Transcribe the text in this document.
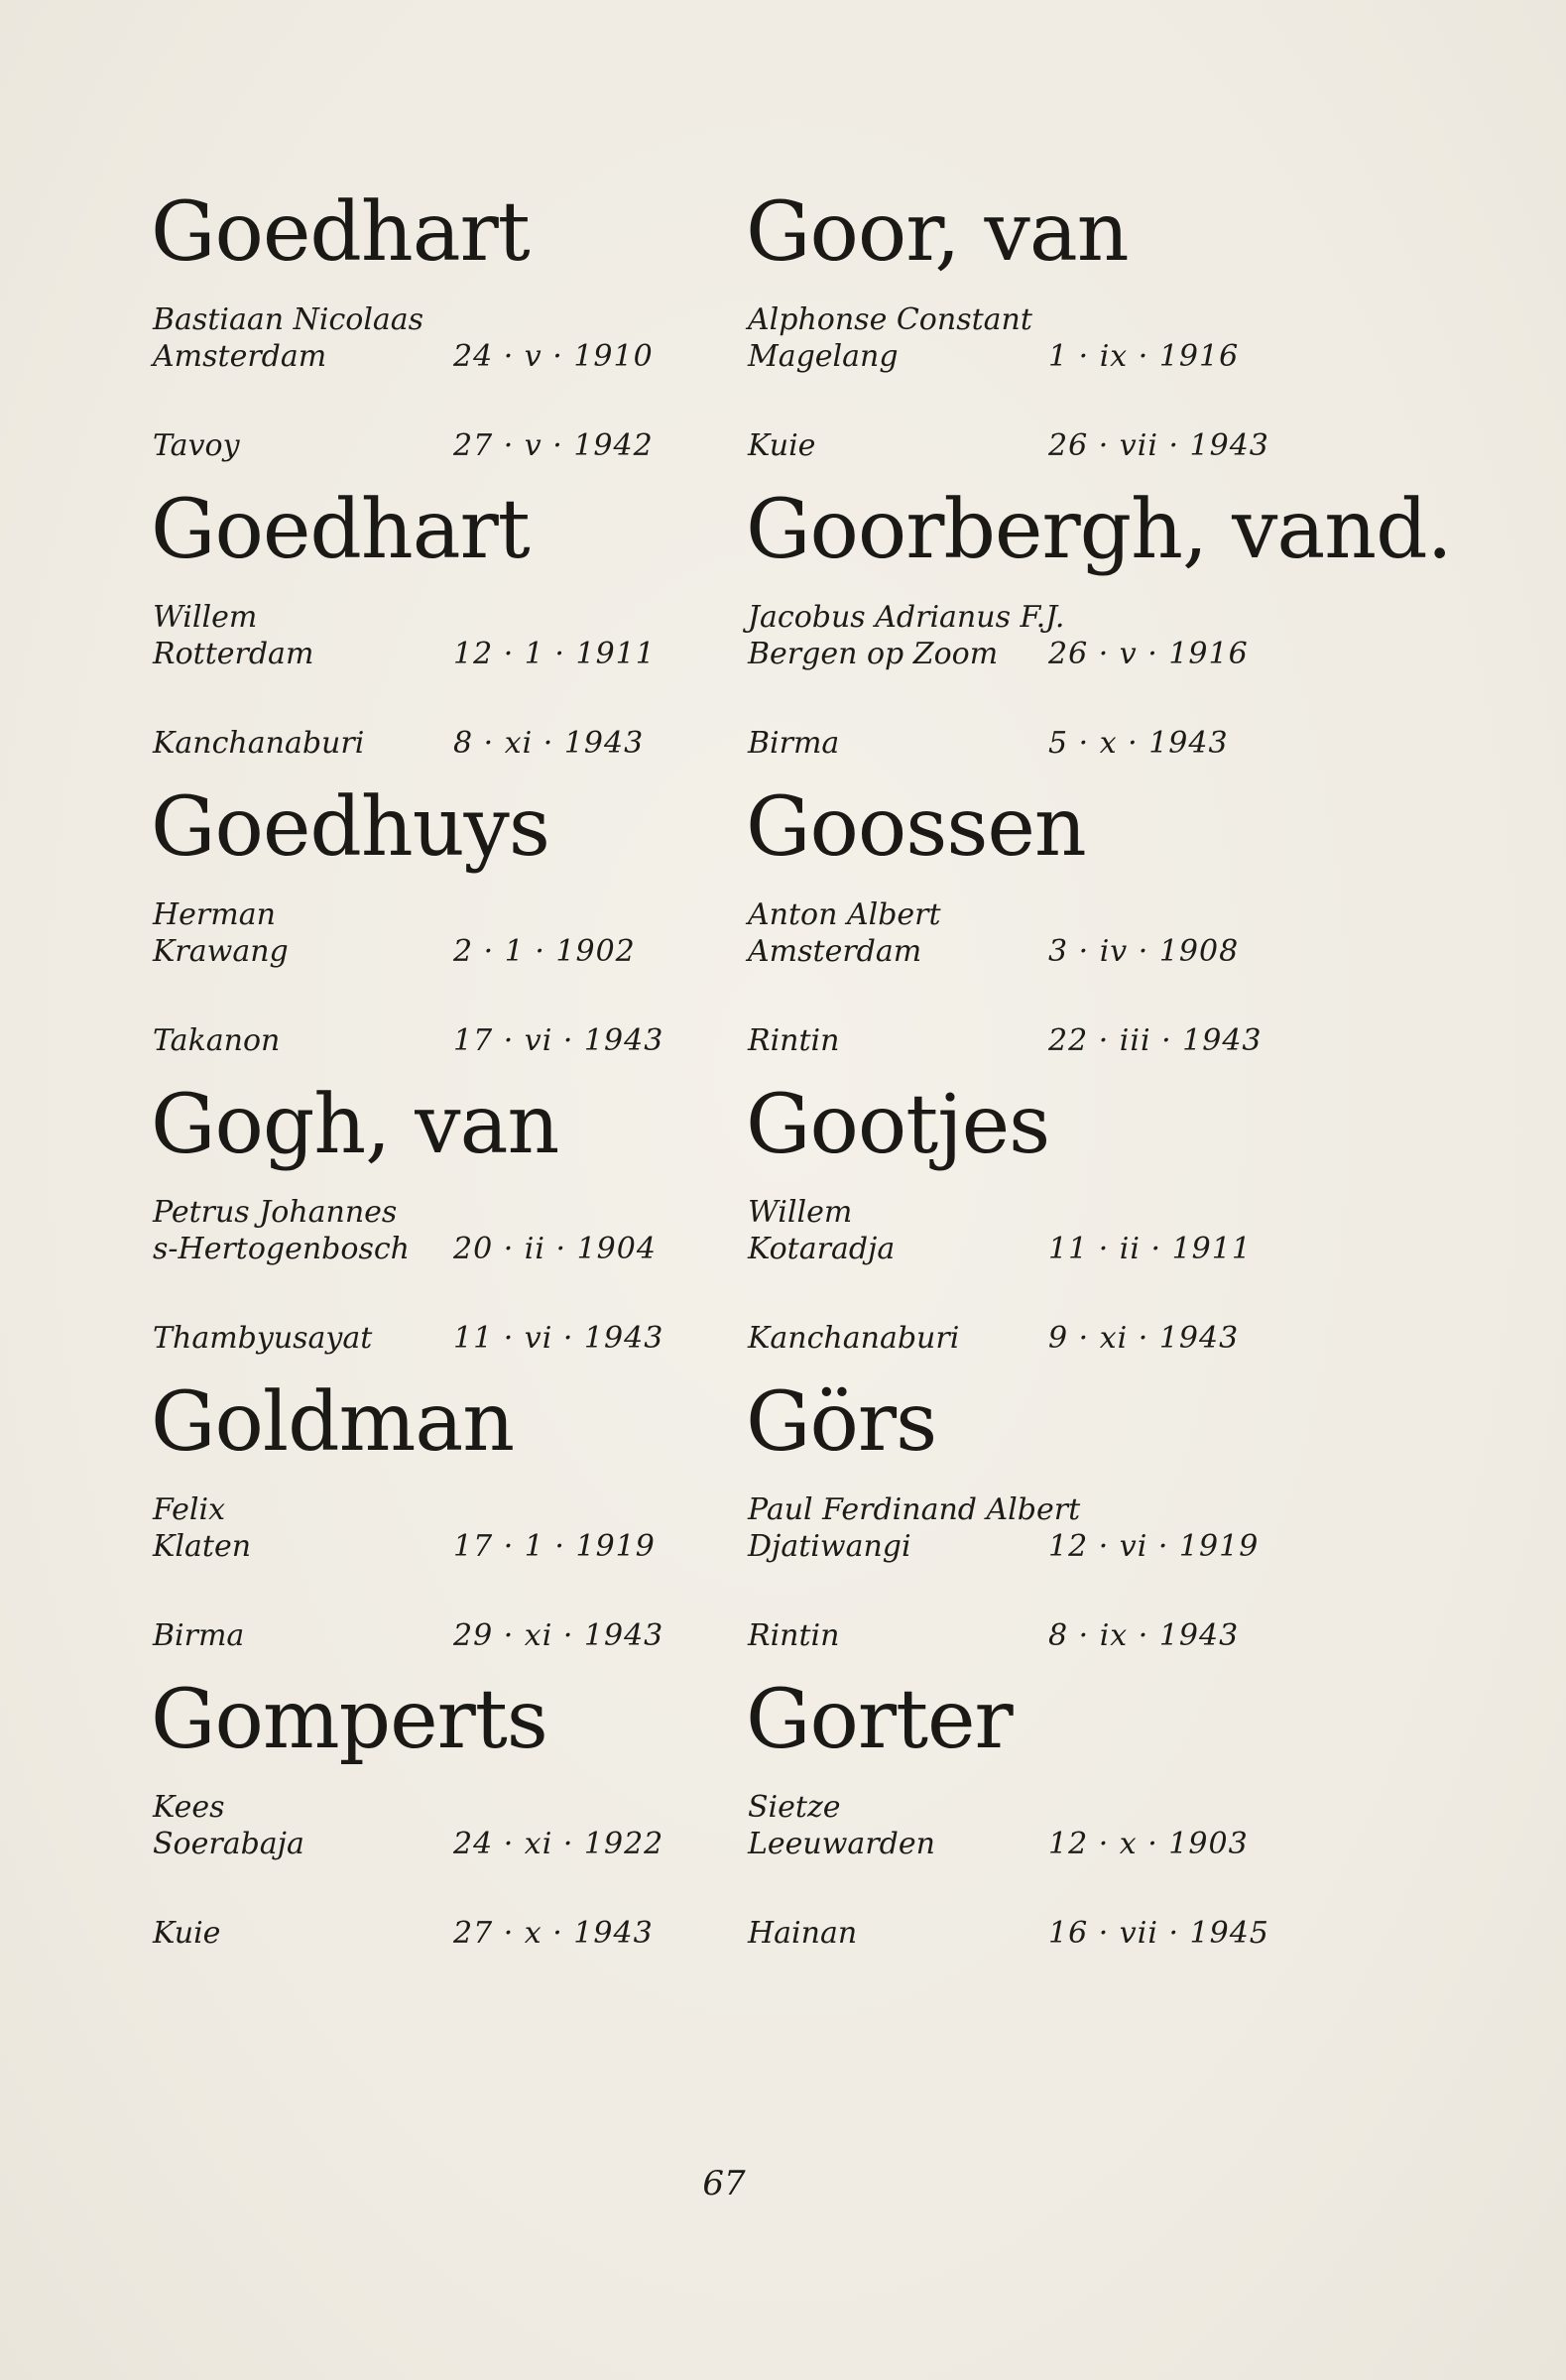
Goedhart
Bastiaan Nicolaas
Amsterdam	24 · v · 1910
Tavoy	27 · v · 1942
Goedhart
Willem
Rotterdam	12 · 1 · 1911
Kanchanaburi	8 · xi · 1943
Goedhuys
Herman
Krawang	2 · 1 · 1902
Takanon	17 · vi · 1943
Gogh, van
Petrus Johannes
s-Hertogenbosch 20 · ii · 1904
Thambyusayat	11 · vi · 1943
Goldman
Felix
Klaten	17 · 1 · 1919
Birma	29 · xi · 1943
Gomperts
Kees
Soerabaja	24 · xi · 1922
Kuie	27 · x · 1943
Goor, van
Alphonse Constant
Magelang	1 · ix · 1916
Kuie	26 · vii · 1943
Goorbergh, vand.
Jacobus Adrianus F.J.
Bergen op Zoom 26 · v · 1916
Birma	5 · x · 1943
Goossen
Anton Albert
Amsterdam	3 · iv · 1908
Rintin	22 · iii · 1943
Gootjes
Willem
Kotaradja	11 · ii · 1911
Kanchanaburi	9 · xi · 1943
Görs
Paul Ferdinand Albert
Djatiwangi	12 · vi · 1919
Rintin	8 · ix · 1943
Gorter
Sietze
Leeuwarden	12 · x · 1903
Hainan	16 · vii · 1945
67
